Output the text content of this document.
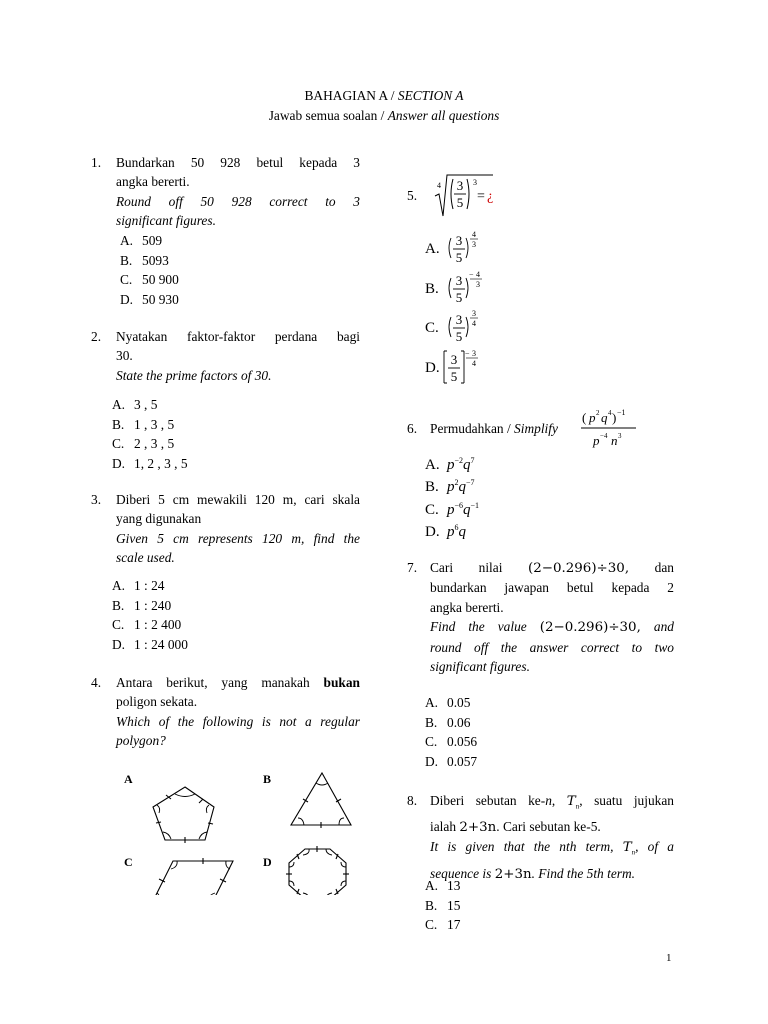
BAHAGIAN A / SECTION A
Jawab semua soalan / Answer all questions
1. Bundarkan 50 928 betul kepada 3
angka bererti.
Round off 50 928 correct to 3
significant figures.
A. 509
B. 5093
C. 50 900
D. 50 930
2. Nyatakan faktor-faktor perdana bagi
30.
State the prime factors of 30.
A. 3 , 5
B. 1 , 3 , 5
C. 2 , 3 , 5
D. 1, 2 , 3 , 5
3. Diberi 5 cm mewakili 120 m, cari skala
yang digunakan
Given 5 cm represents 120 m, find the
scale used.
A. 1 : 24
B. 1 : 240
C. 1 : 2 400
D. 1 : 24 000
4. Antara berikut, yang manakah bukan
poligon sekata.
Which of the following is not a regular
polygon?
A	B
C	D
5.
4 3
5
3
= ¿
A.
3
5
4
3
B.
3
5
− 4
3
C.
3
5
3
4
D.
3
5
− 3
4
6. Permudahkan / Simplify
( p 2 q 4 ) −1
p −4 n 3
A. $p^{-2}q^7$
B. $p^2q^{-7}$
C. $p^{-6}q^{-1}$
D. $p^6q$
7. Cari nilai (2−0.296)÷30, dan
bundarkan jawapan betul kepada 2
angka bererti.
Find the value (2−0.296)÷30, and
round off the answer correct to two
significant figures.
A. 0.05
B. 0.06
C. 0.056
D. 0.057
8. Diberi sebutan ke-n, $T_n$, suatu jujukan
ialah 2+3n. Cari sebutan ke-5.
It is given that the nth term, $T_n$, of a
sequence is 2+3n. Find the 5th term.
A. 13
B. 15
C. 17
1
